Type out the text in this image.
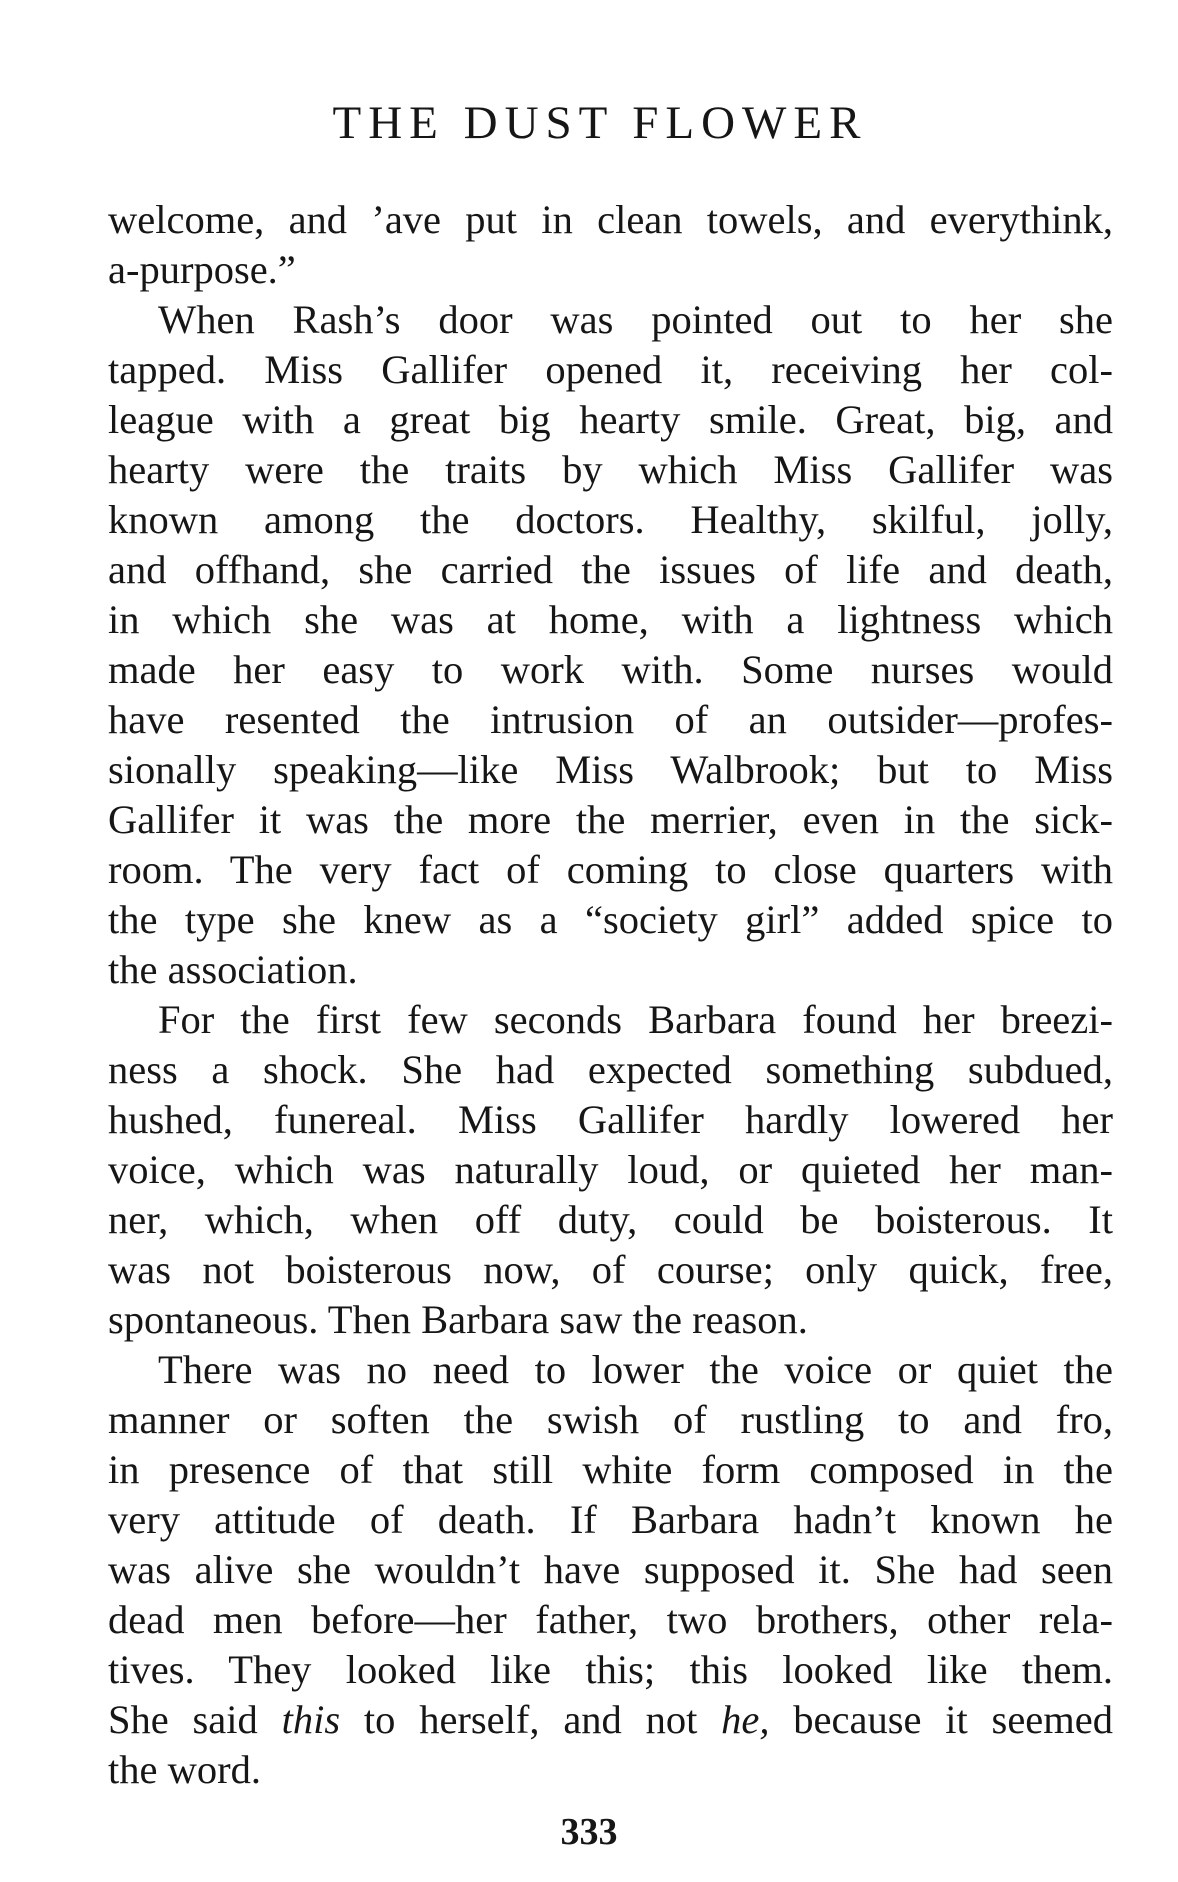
THE DUST FLOWER

welcome, and ’ave put in clean towels, and everythink,
a-purpose.”

When Rash’s door was pointed out to her she
tapped. Miss Gallifer opened it, receiving her col-
league with a great big hearty smile. Great, big, and
hearty were the traits by which Miss Gallifer was
known among the doctors. Healthy, skilful, jolly,
and offhand, she carried the issues of life and death,
in which she was at home, with a lightness which
made her easy to work with. Some nurses would
have resented the intrusion of an outsider—profes-
sionally speaking—like Miss Walbrook; but to Miss
Gallifer it was the more the merrier, even in the sick-
room. The very fact of coming to close quarters with
the type she knew as a “society girl” added spice to
the association.

For the first few seconds Barbara found her breezi-
ness a shock. She had expected something subdued,
hushed, funereal. Miss Gallifer hardly lowered her
voice, which was naturally loud, or quieted her man-
ner, which, when off duty, could be boisterous. It
was not boisterous now, of course; only quick, free,
spontaneous. Then Barbara saw the reason.

There was no need to lower the voice or quiet the
manner or soften the swish of rustling to and fro,
in presence of that still white form composed in the
very attitude of death. If Barbara hadn’t known he
was alive she wouldn’t have supposed it. She had seen
dead men before—her father, two brothers, other rela-
tives. They looked like this; this looked like them.
She said this to herself, and not he, because it seemed
the word.

333
